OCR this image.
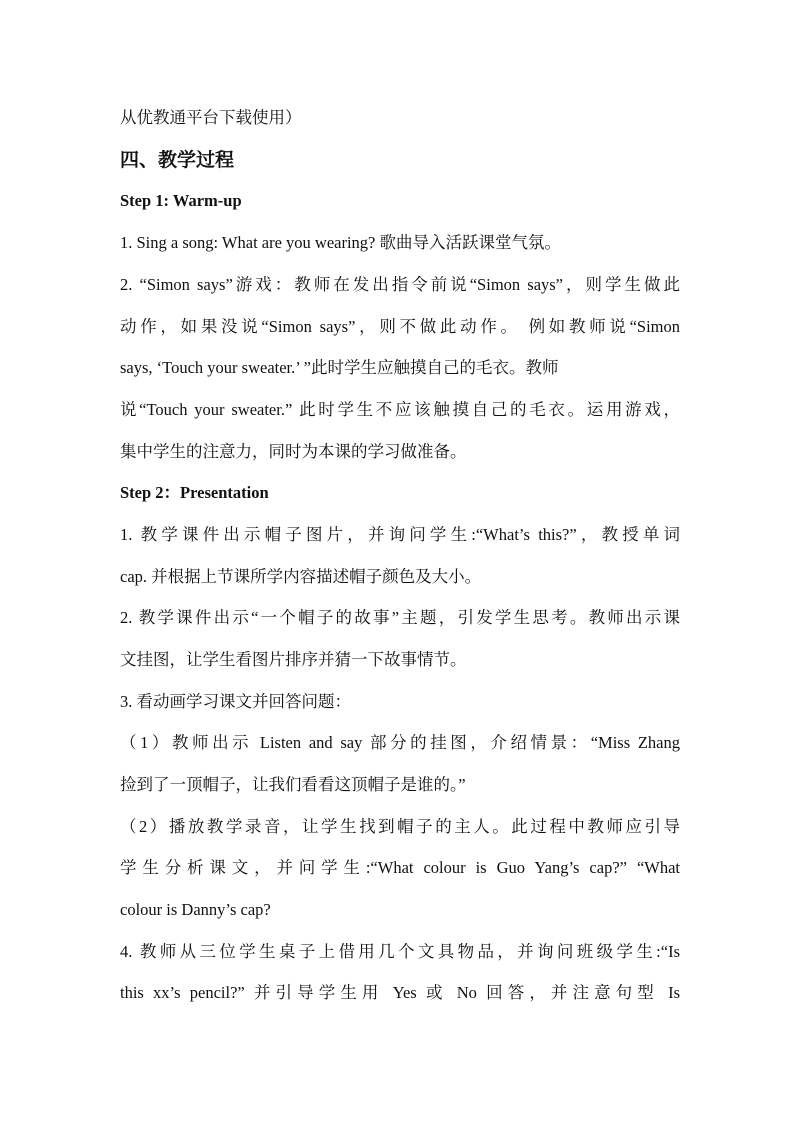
从优教通平台下载使用）
四、教学过程
Step 1: Warm-up
1. Sing a song: What are you wearing? 歌曲导入活跃课堂气氛。
2. “Simon says”游戏：教师在发出指令前说“Simon says”，则学生做此
动作，如果没说“Simon says”，则不做此动作。 例如教师说“Simon
says, ‘Touch your sweater.’ ”此时学生应触摸自己的毛衣。教师
说“Touch your sweater.” 此时学生不应该触摸自己的毛衣。运用游戏，
集中学生的注意力，同时为本课的学习做准备。
Step 2：Presentation
1. 教学课件出示帽子图片，并询问学生:“What’s this?”，教授单词
cap. 并根据上节课所学内容描述帽子颜色及大小。
2. 教学课件出示“一个帽子的故事”主题，引发学生思考。教师出示课
文挂图，让学生看图片排序并猜一下故事情节。
3. 看动画学习课文并回答问题：
（1）教师出示 Listen and say 部分的挂图，介绍情景：“Miss Zhang
捡到了一顶帽子，让我们看看这顶帽子是谁的。”
（2）播放教学录音，让学生找到帽子的主人。此过程中教师应引导
学生分析课文，并问学生:“What colour is Guo Yang’s cap?” “What
colour is Danny’s cap?
4. 教师从三位学生桌子上借用几个文具物品，并询问班级学生:“Is
this xx’s pencil?” 并引导学生用 Yes 或 No 回答，并注意句型 Is
